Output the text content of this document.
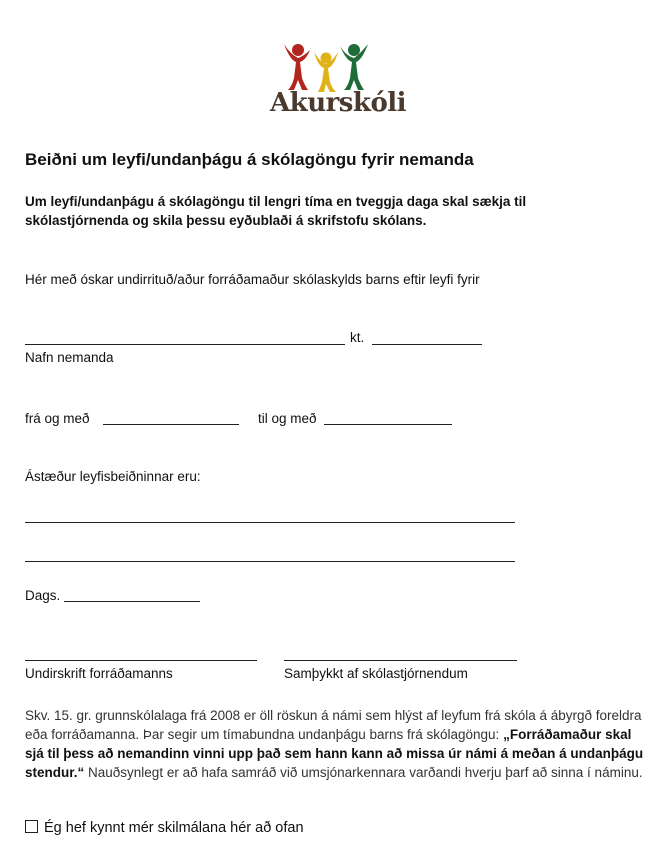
Akurskóli
Beiðni um leyfi/undanþágu á skólagöngu fyrir nemanda
Um leyfi/undanþágu á skólagöngu til lengri tíma en tveggja daga skal sækja til skólastjórnenda og skila þessu eyðublaði á skrifstofu skólans.
Hér með óskar undirrituð/aður forráðamaður skólaskylds barns eftir leyfi fyrir
kt.
Nafn nemanda
frá og með	til og með
Ástæður leyfisbeiðninnar eru:
Dags.
Undirskrift forráðamanns	Samþykkt af skólastjórnendum
Skv. 15. gr. grunnskólalaga frá 2008 er öll röskun á námi sem hlýst af leyfum frá skóla á ábyrgð foreldra eða forráðamanna. Þar segir um tímabundna undanþágu barns frá skólagöngu: „Forráðamaður skal sjá til þess að nemandinn vinni upp það sem hann kann að missa úr námi á meðan á undanþágu stendur.“ Nauðsynlegt er að hafa samráð við umsjónarkennara varðandi hverju þarf að sinna í náminu.
Ég hef kynnt mér skilmálana hér að ofan
